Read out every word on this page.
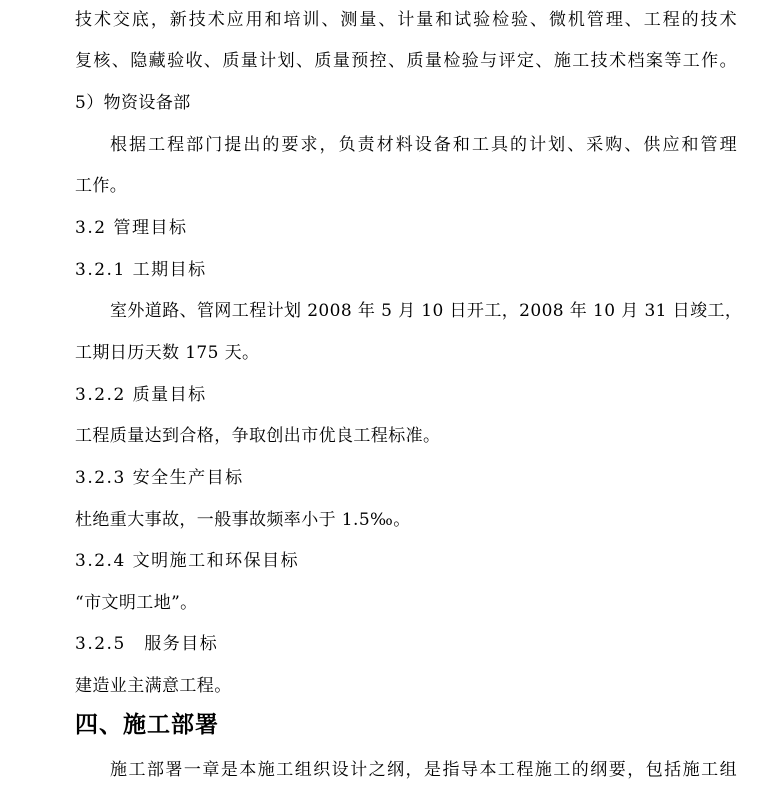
技术交底，新技术应用和培训、测量、计量和试验检验、微机管理、工程的技术
复核、隐藏验收、质量计划、质量预控、质量检验与评定、施工技术档案等工作。
5）物资设备部
根据工程部门提出的要求，负责材料设备和工具的计划、采购、供应和管理
工作。
3.2 管理目标
3.2.1 工期目标
室外道路、管网工程计划 2008 年 5 月 10 日开工，2008 年 10 月 31 日竣工，
工期日历天数 175 天。
3.2.2 质量目标
工程质量达到合格，争取创出市优良工程标准。
3.2.3 安全生产目标
杜绝重大事故，一般事故频率小于 1.5‰。
3.2.4 文明施工和环保目标
“市文明工地”。
3.2.5　服务目标
建造业主满意工程。
四、施工部署
施工部署一章是本施工组织设计之纲，是指导本工程施工的纲要，包括施工组
